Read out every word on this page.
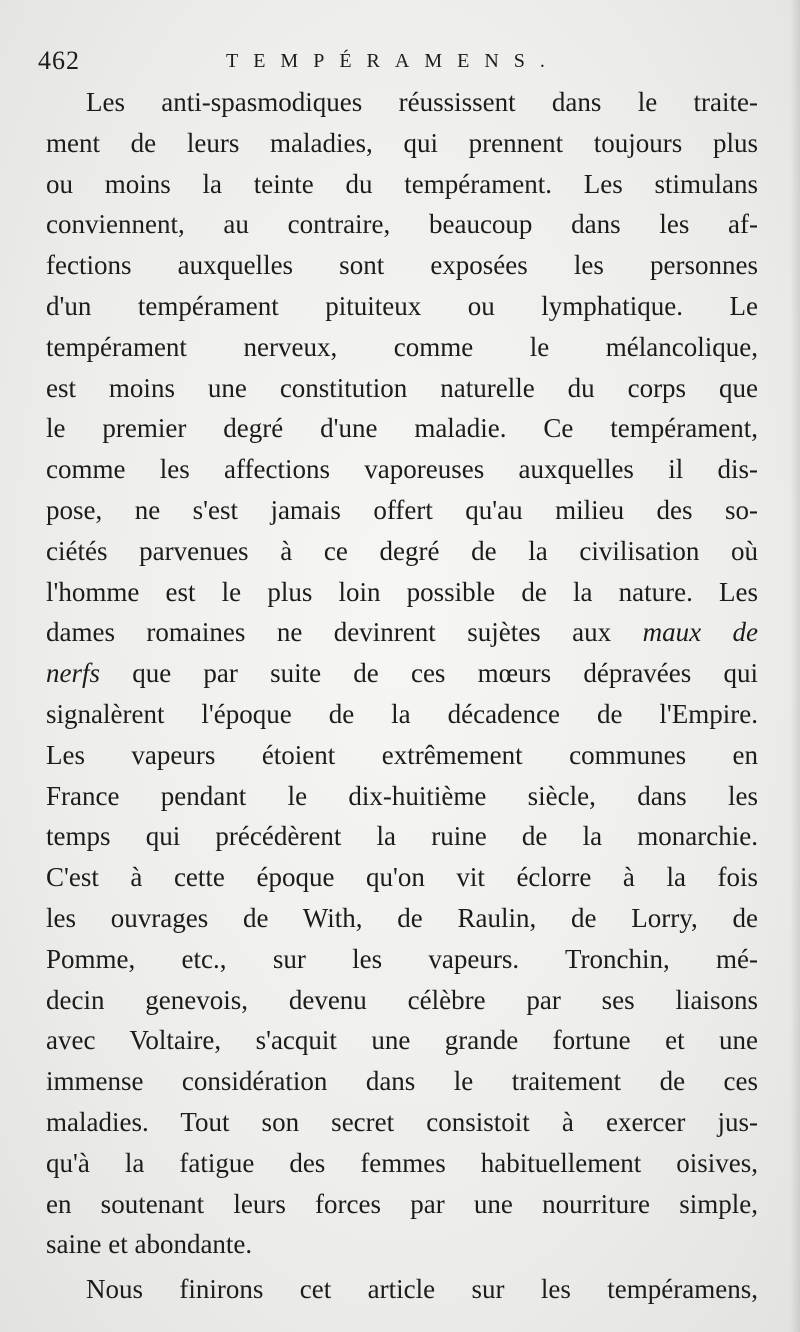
462	TEMPÉRAMENS.
Les anti-spasmodiques réussissent dans le traite-
ment de leurs maladies, qui prennent toujours plus
ou moins la teinte du tempérament. Les stimulans
conviennent, au contraire, beaucoup dans les af-
fections auxquelles sont exposées les personnes
d'un tempérament pituiteux ou lymphatique. Le
tempérament nerveux, comme le mélancolique,
est moins une constitution naturelle du corps que
le premier degré d'une maladie. Ce tempérament,
comme les affections vaporeuses auxquelles il dis-
pose, ne s'est jamais offert qu'au milieu des so-
ciétés parvenues à ce degré de la civilisation où
l'homme est le plus loin possible de la nature. Les
dames romaines ne devinrent sujètes aux maux de
nerfs que par suite de ces mœurs dépravées qui
signalèrent l'époque de la décadence de l'Empire.
Les vapeurs étoient extrêmement communes en
France pendant le dix-huitième siècle, dans les
temps qui précédèrent la ruine de la monarchie.
C'est à cette époque qu'on vit éclorre à la fois
les ouvrages de With, de Raulin, de Lorry, de
Pomme, etc., sur les vapeurs. Tronchin, mé-
decin genevois, devenu célèbre par ses liaisons
avec Voltaire, s'acquit une grande fortune et une
immense considération dans le traitement de ces
maladies. Tout son secret consistoit à exercer jus-
qu'à la fatigue des femmes habituellement oisives,
en soutenant leurs forces par une nourriture simple,
saine et abondante.
Nous finirons cet article sur les tempéramens,
